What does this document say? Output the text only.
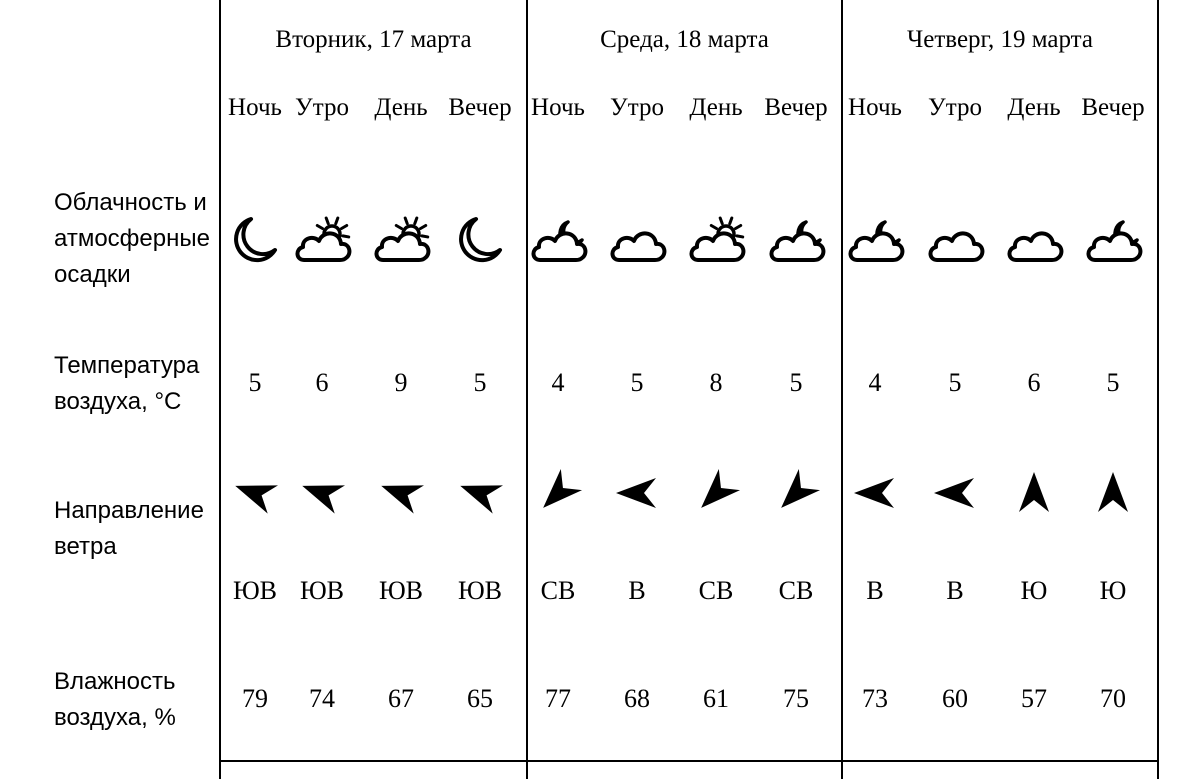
Вторник, 17 марта	Среда, 18 марта	Четверг, 19 марта
Облачность и
атмосферные
осадки
Температура
воздуха, °C
Направление
ветра
Влажность
воздуха, %
Ночь
5
ЮВ
79
Утро
6
ЮВ
74
День
9
ЮВ
67
Вечер
5
ЮВ
65
Ночь
4
СВ
77
Утро
5
В
68
День
8
СВ
61
Вечер
5
СВ
75
Ночь
4
В
73
Утро
5
В
60
День
6
Ю
57
Вечер
5
Ю
70
